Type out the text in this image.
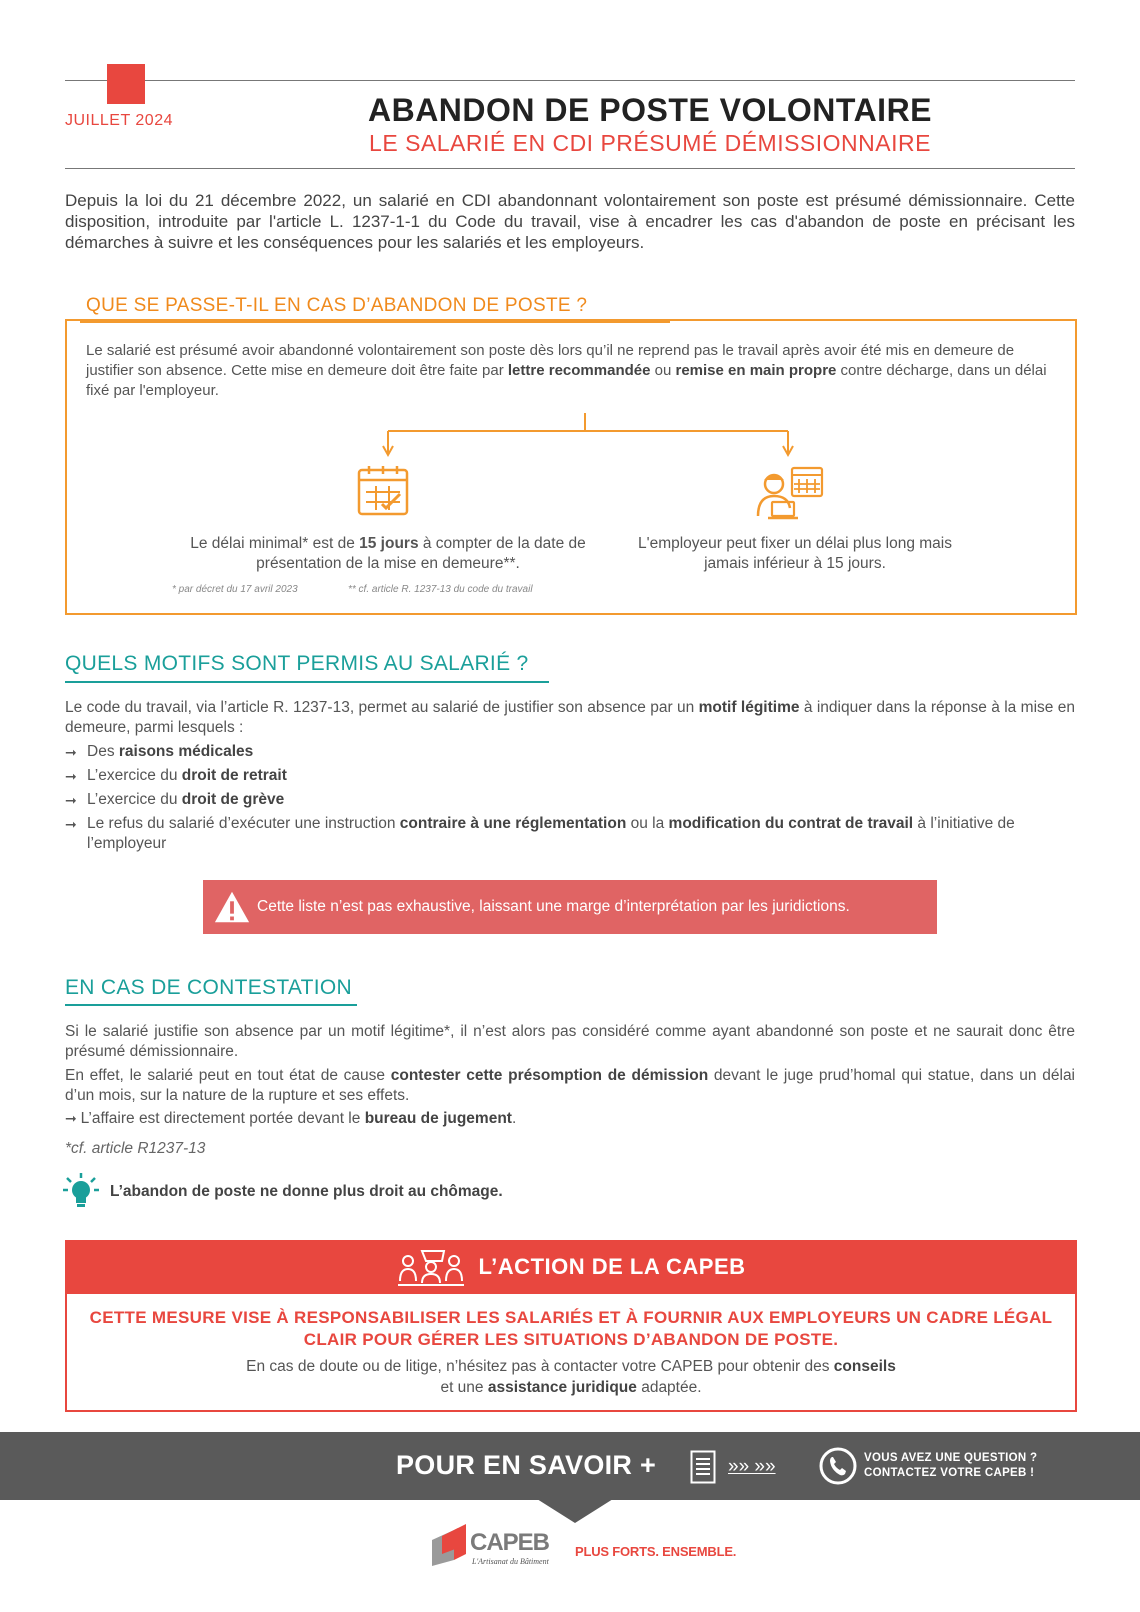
JUILLET 2024	ABANDON DE POSTE VOLONTAIRE
LE SALARIÉ EN CDI PRÉSUMÉ DÉMISSIONNAIRE

Depuis la loi du 21 décembre 2022, un salarié en CDI abandonnant volontairement son poste est présumé démissionnaire. Cette disposition, introduite par l'article L. 1237-1-1 du Code du travail, vise à encadrer les cas d'abandon de poste en précisant les démarches à suivre et les conséquences pour les salariés et les employeurs.

QUE SE PASSE-T-IL EN CAS D’ABANDON DE POSTE ?

Le salarié est présumé avoir abandonné volontairement son poste dès lors qu’il ne reprend pas le travail après avoir été mis en demeure de justifier son absence. Cette mise en demeure doit être faite par lettre recommandée ou remise en main propre contre décharge, dans un délai fixé par l'employeur.

Le délai minimal* est de 15 jours à compter de la date de présentation de la mise en demeure**.

L'employeur peut fixer un délai plus long mais jamais inférieur à 15 jours.

* par décret du 17 avril 2023	** cf. article R. 1237-13 du code du travail
QUELS MOTIFS SONT PERMIS AU SALARIÉ ?

Le code du travail, via l’article R. 1237-13, permet au salarié de justifier son absence par un motif légitime à indiquer dans la réponse à la mise en demeure, parmi lesquels :

➞ Des raisons médicales
➞ L’exercice du droit de retrait
➞ L’exercice du droit de grève
➞ Le refus du salarié d’exécuter une instruction contraire à une réglementation ou la modification du contrat de travail à l’initiative de l’employeur
Cette liste n’est pas exhaustive, laissant une marge d’interprétation par les juridictions.
EN CAS DE CONTESTATION

Si le salarié justifie son absence par un motif légitime*, il n’est alors pas considéré comme ayant abandonné son poste et ne saurait donc être présumé démissionnaire.

En effet, le salarié peut en tout état de cause contester cette présomption de démission devant le juge prud’homal qui statue, dans un délai d’un mois, sur la nature de la rupture et ses effets.

➞ L’affaire est directement portée devant le bureau de jugement.
*cf. article R1237-13
L’abandon de poste ne donne plus droit au chômage.
L’ACTION DE LA CAPEB

CETTE MESURE VISE À RESPONSABILISER LES SALARIÉS ET À FOURNIR AUX EMPLOYEURS UN CADRE LÉGAL CLAIR POUR GÉRER LES SITUATIONS D’ABANDON DE POSTE.

En cas de doute ou de litige, n’hésitez pas à contacter votre CAPEB pour obtenir des conseils
et une assistance juridique adaptée.

POUR EN SAVOIR +	»» »»	VOUS AVEZ UNE QUESTION ?
CONTACTEZ VOTRE CAPEB !
CAPEB
L'Artisanat du Bâtiment
PLUS FORTS. ENSEMBLE.
